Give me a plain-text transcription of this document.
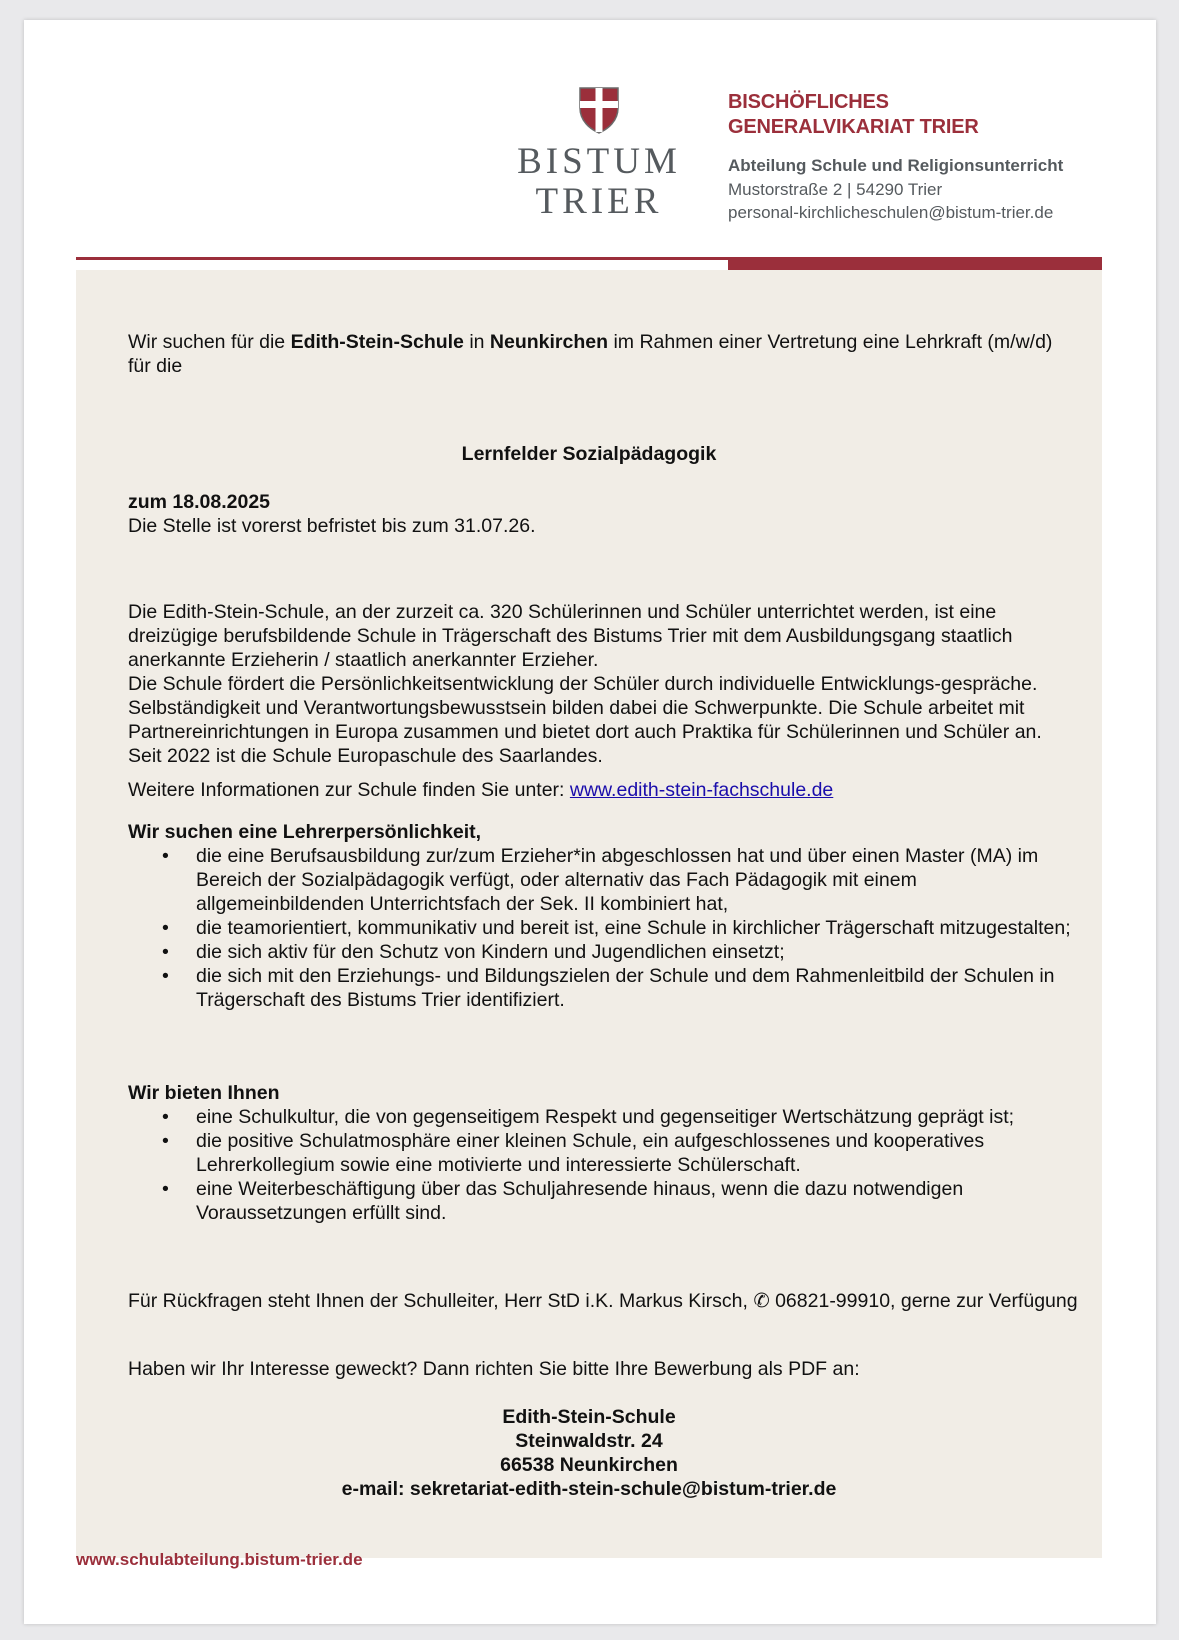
BISTUM
TRIER
BISCHÖFLICHES
GENERALVIKARIAT TRIER
Abteilung Schule und Religionsunterricht
Mustorstraße 2 | 54290 Trier
personal-kirchlicheschulen@bistum-trier.de
Wir suchen für die Edith-Stein-Schule in Neunkirchen im Rahmen einer Vertretung eine Lehrkraft (m/w/d) für die
Lernfelder Sozialpädagogik

zum 18.08.2025

Die Stelle ist vorerst befristet bis zum 31.07.26.

Die Edith-Stein-Schule, an der zurzeit ca. 320 Schülerinnen und Schüler unterrichtet werden, ist eine dreizügige berufsbildende Schule in Trägerschaft des Bistums Trier mit dem Ausbildungsgang staatlich anerkannte Erzieherin / staatlich anerkannter Erzieher.

Die Schule fördert die Persönlichkeitsentwicklung der Schüler durch individuelle Entwicklungs-gespräche. Selbständigkeit und Verantwortungsbewusstsein bilden dabei die Schwerpunkte. Die Schule arbeitet mit Partnereinrichtungen in Europa zusammen und bietet dort auch Praktika für Schülerinnen und Schüler an. Seit 2022 ist die Schule Europaschule des Saarlandes.

Weitere Informationen zur Schule finden Sie unter: www.edith-stein-fachschule.de

Wir suchen eine Lehrerpersönlichkeit,

• die eine Berufsausbildung zur/zum Erzieher*in abgeschlossen hat und über einen Master (MA) im Bereich der Sozialpädagogik verfügt, oder alternativ das Fach Pädagogik mit einem allgemeinbildenden Unterrichtsfach der Sek. II kombiniert hat,
• die teamorientiert, kommunikativ und bereit ist, eine Schule in kirchlicher Trägerschaft mitzugestalten;
• die sich aktiv für den Schutz von Kindern und Jugendlichen einsetzt;
• die sich mit den Erziehungs- und Bildungszielen der Schule und dem Rahmenleitbild der Schulen in Trägerschaft des Bistums Trier identifiziert.

Wir bieten Ihnen

• eine Schulkultur, die von gegenseitigem Respekt und gegenseitiger Wertschätzung geprägt ist;
• die positive Schulatmosphäre einer kleinen Schule, ein aufgeschlossenes und kooperatives Lehrerkollegium sowie eine motivierte und interessierte Schülerschaft.
• eine Weiterbeschäftigung über das Schuljahresende hinaus, wenn die dazu notwendigen Voraussetzungen erfüllt sind.
Für Rückfragen steht Ihnen der Schulleiter, Herr StD i.K. Markus Kirsch, ✆ 06821-99910, gerne zur Verfügung
Haben wir Ihr Interesse geweckt? Dann richten Sie bitte Ihre Bewerbung als PDF an:

Edith-Stein-Schule

Steinwaldstr. 24

66538 Neunkirchen

e-mail: sekretariat-edith-stein-schule@bistum-trier.de

www.schulabteilung.bistum-trier.de
